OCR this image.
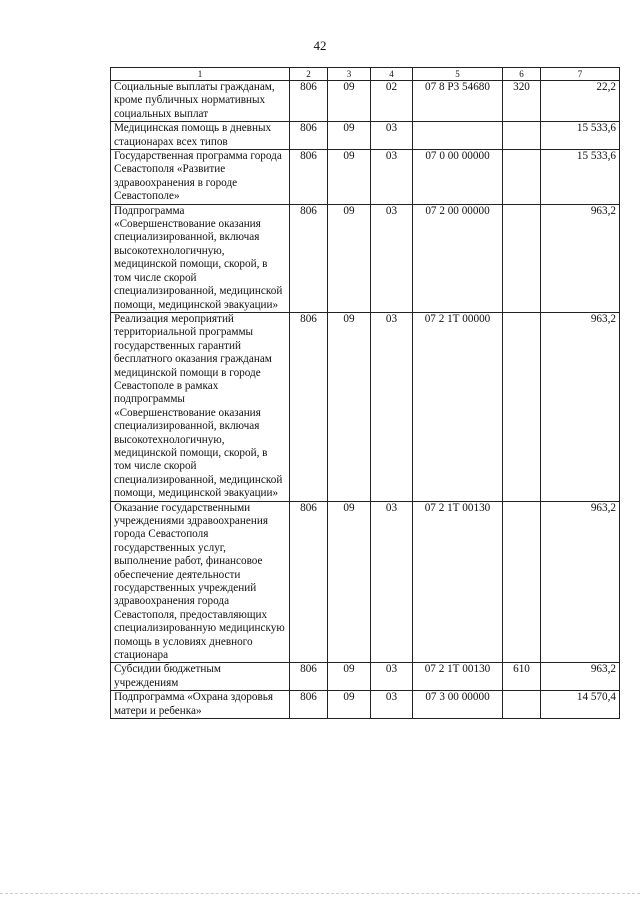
42
1	2	3	4	5	6	7
Социальные выплаты гражданам, кроме публичных нормативных социальных выплат	806	09	02	07 8 Р3 54680	320	22,2
Медицинская помощь в дневных стационарах всех типов	806	09	03			15 533,6
Государственная программа города Севастополя «Развитие здравоохранения в городе Севастополе»	806	09	03	07 0 00 00000		15 533,6
Подпрограмма «Совершенствование оказания специализированной, включая высокотехнологичную, медицинской помощи, скорой, в том числе скорой специализированной, медицинской помощи, медицинской эвакуации»	806	09	03	07 2 00 00000		963,2
Реализация мероприятий территориальной программы государственных гарантий бесплатного оказания гражданам медицинской помощи в городе Севастополе в рамках подпрограммы «Совершенствование оказания специализированной, включая высокотехнологичную, медицинской помощи, скорой, в том числе скорой специализированной, медицинской помощи, медицинской эвакуации»	806	09	03	07 2 1Т 00000		963,2
Оказание государственными учреждениями здравоохранения города Севастополя государственных услуг, выполнение работ, финансовое обеспечение деятельности государственных учреждений здравоохранения города Севастополя, предоставляющих специализированную медицинскую помощь в условиях дневного стационара	806	09	03	07 2 1Т 00130		963,2
Субсидии бюджетным учреждениям	806	09	03	07 2 1Т 00130	610	963,2
Подпрограмма «Охрана здоровья матери и ребенка»	806	09	03	07 3 00 00000		14 570,4
